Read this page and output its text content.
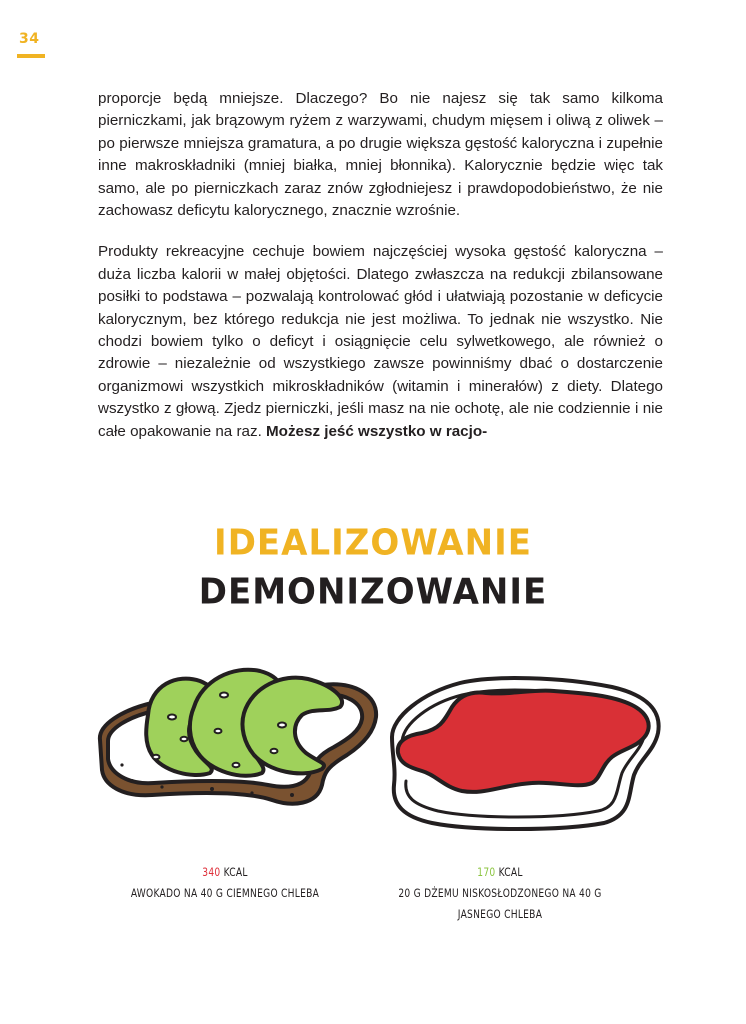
34

proporcje będą mniejsze. Dlaczego? Bo nie najesz się tak samo kilkoma pierniczkami, jak brązowym ryżem z warzywami, chudym mięsem i oliwą z oliwek – po pierwsze mniejsza gramatura, a po drugie większa gęstość kaloryczna i zupełnie inne makroskładniki (mniej białka, mniej błonnika). Kalorycznie będzie więc tak samo, ale po pierniczkach zaraz znów zgłodniejesz i prawdopodobieństwo, że nie zachowasz deficytu kalorycznego, znacznie wzrośnie.

Produkty rekreacyjne cechuje bowiem najczęściej wysoka gęstość kaloryczna – duża liczba kalorii w małej objętości. Dlatego zwłaszcza na redukcji zbilansowane posiłki to podstawa – pozwalają kontrolować głód i ułatwiają pozostanie w deficycie kalorycznym, bez którego redukcja nie jest możliwa. To jednak nie wszystko. Nie chodzi bowiem tylko o deficyt i osiągnięcie celu sylwetkowego, ale również o zdrowie – niezależnie od wszystkiego zawsze powinniśmy dbać o dostarczenie organizmowi wszystkich mikroskładników (witamin i minerałów) z diety. Dlatego wszystko z głową. Zjedz pierniczki, jeśli masz na nie ochotę, ale nie codziennie i nie całe opakowanie na raz. Możesz jeść wszystko w racjo-

IDEALIZOWANIE
DEMONIZOWANIE
340 KCAL
AWOKADO NA 40 G CIEMNEGO CHLEBA
170 KCAL
20 G DŻEMU NISKOSŁODZONEGO NA 40 G JASNEGO CHLEBA
